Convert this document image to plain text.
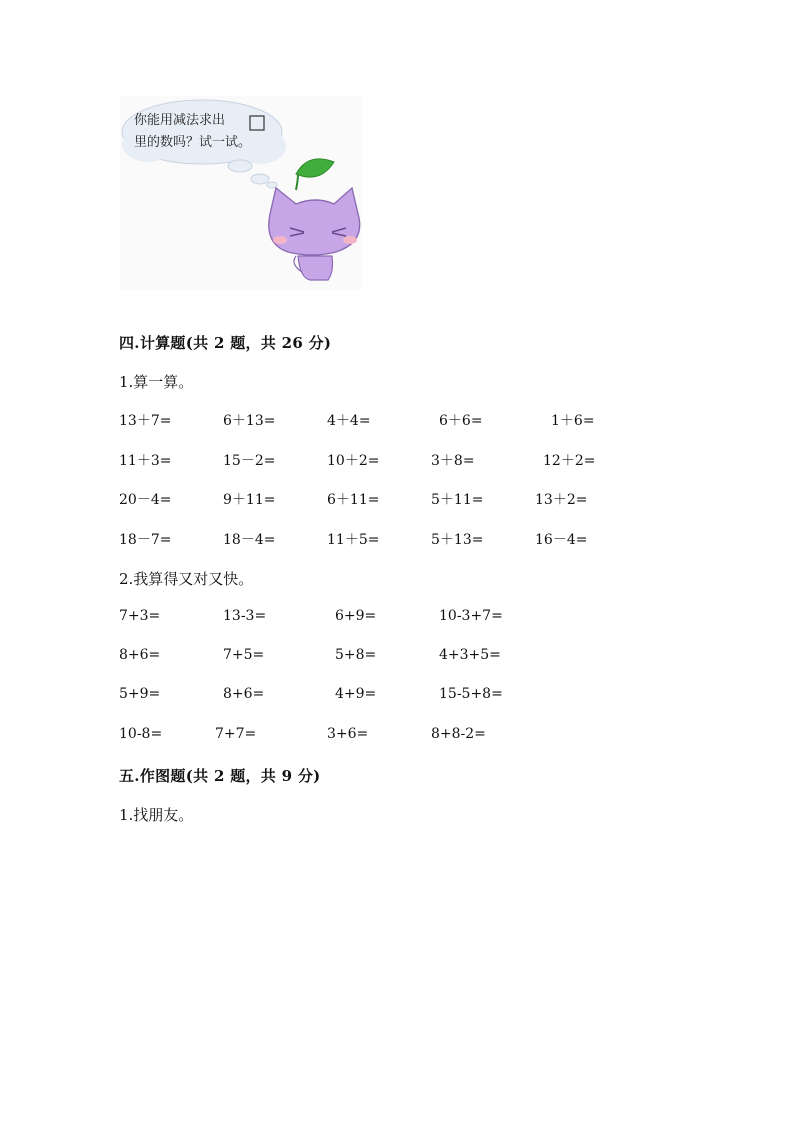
你能用减法求出
里的数吗？试一试。
四.计算题(共 2 题，共 26 分)
1.算一算。
13＋7=	6＋13=	4＋4=	6＋6=	1＋6=
11＋3=	15－2=	10＋2=	3＋8=	12＋2=
20－4=	9＋11=	6＋11=	5＋11=	13＋2=
18－7=	18－4=	11＋5=	5＋13=	16－4=
2.我算得又对又快。
7+3=	13-3=	6+9=	10-3+7=
8+6=	7+5=	5+8=	4+3+5=
5+9=	8+6=	4+9=	15-5+8=
10-8=	7+7=	3+6=	8+8-2=
五.作图题(共 2 题，共 9 分)
1.找朋友。
